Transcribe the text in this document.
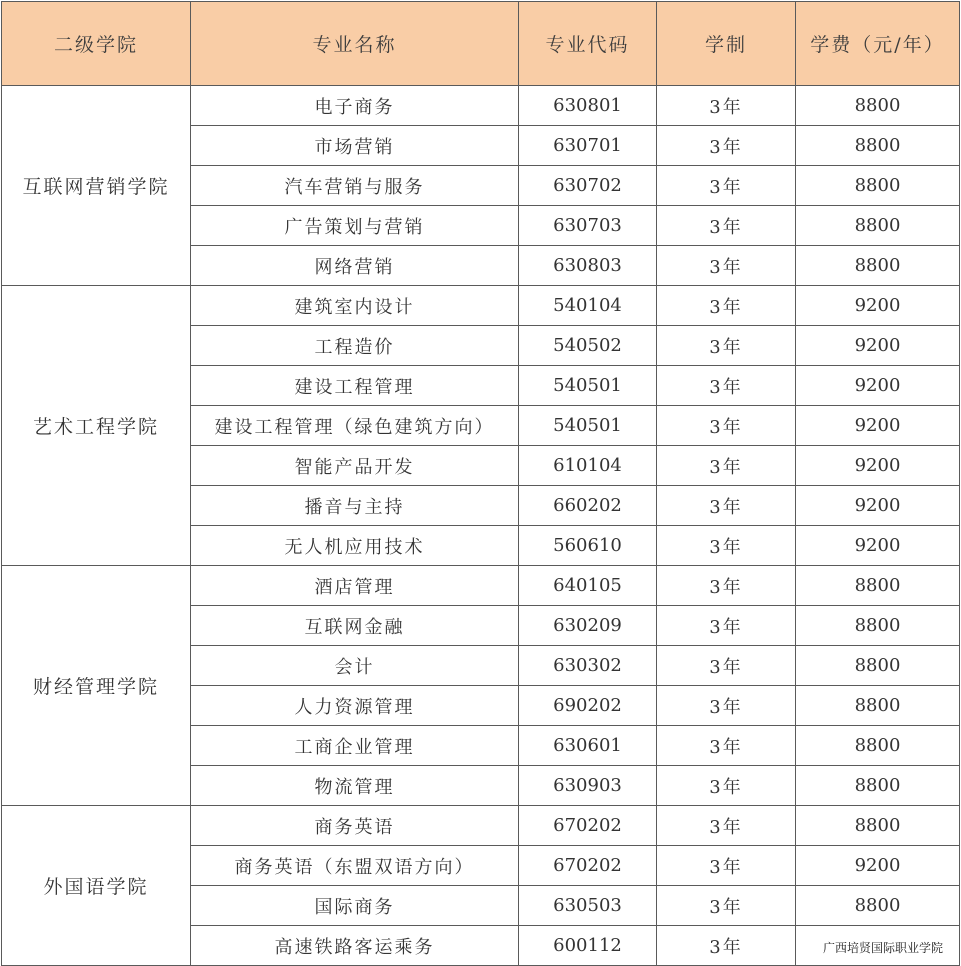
二级学院	专业名称	专业代码	学制	学费（元/年）
互联网营销学院	电子商务	630801	3年	8800
	市场营销	630701	3年	8800
	汽车营销与服务	630702	3年	8800
	广告策划与营销	630703	3年	8800
	网络营销	630803	3年	8800
艺术工程学院	建筑室内设计	540104	3年	9200
	工程造价	540502	3年	9200
	建设工程管理	540501	3年	9200
	建设工程管理（绿色建筑方向）	540501	3年	9200
	智能产品开发	610104	3年	9200
	播音与主持	660202	3年	9200
	无人机应用技术	560610	3年	9200
财经管理学院	酒店管理	640105	3年	8800
	互联网金融	630209	3年	8800
	会计	630302	3年	8800
	人力资源管理	690202	3年	8800
	工商企业管理	630601	3年	8800
	物流管理	630903	3年	8800
外国语学院	商务英语	670202	3年	8800
	商务英语（东盟双语方向）	670202	3年	9200
	国际商务	630503	3年	8800
	高速铁路客运乘务	600112	3年		广西培贤国际职业学院
